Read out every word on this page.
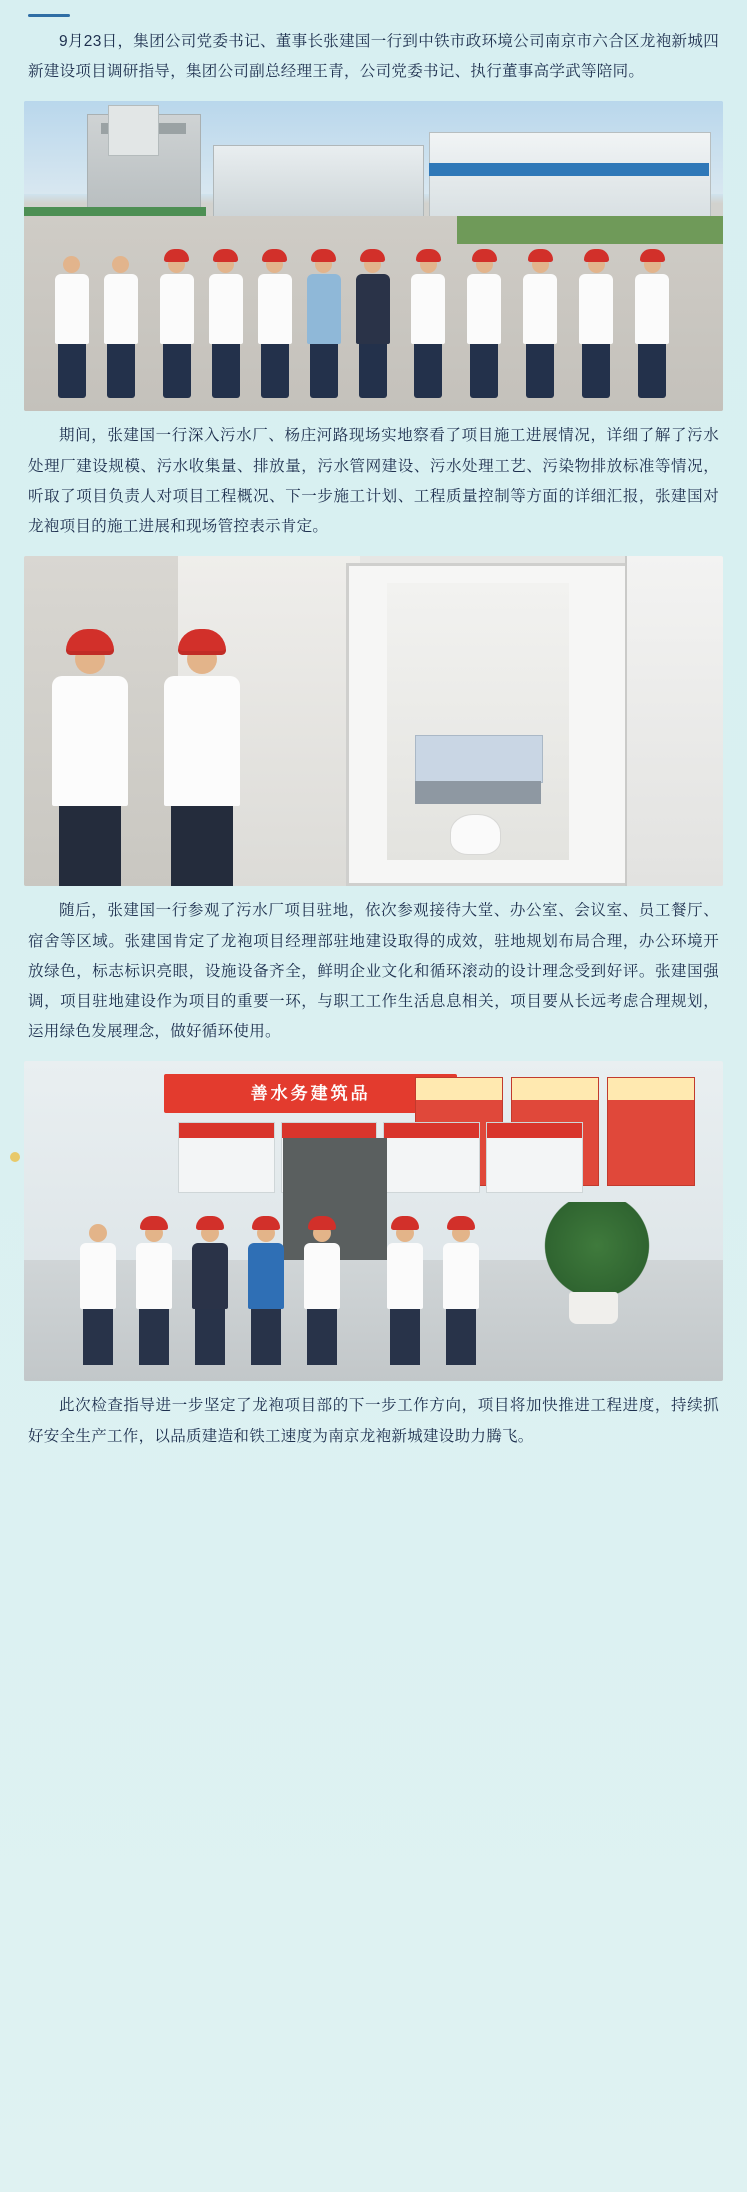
9月23日，集团公司党委书记、董事长张建国一行到中铁市政环境公司南京市六合区龙袍新城四新建设项目调研指导，集团公司副总经理王青，公司党委书记、执行董事高学武等陪同。

期间，张建国一行深入污水厂、杨庄河路现场实地察看了项目施工进展情况，详细了解了污水处理厂建设规模、污水收集量、排放量，污水管网建设、污水处理工艺、污染物排放标准等情况，听取了项目负责人对项目工程概况、下一步施工计划、工程质量控制等方面的详细汇报，张建国对龙袍项目的施工进展和现场管控表示肯定。

随后，张建国一行参观了污水厂项目驻地，依次参观接待大堂、办公室、会议室、员工餐厅、宿舍等区域。张建国肯定了龙袍项目经理部驻地建设取得的成效，驻地规划布局合理，办公环境开放绿色，标志标识亮眼，设施设备齐全，鲜明企业文化和循环滚动的设计理念受到好评。张建国强调，项目驻地建设作为项目的重要一环，与职工工作生活息息相关，项目要从长远考虑合理规划，运用绿色发展理念，做好循环使用。

善水务建筑品

此次检查指导进一步坚定了龙袍项目部的下一步工作方向，项目将加快推进工程进度，持续抓好安全生产工作，以品质建造和铁工速度为南京龙袍新城建设助力腾飞。
